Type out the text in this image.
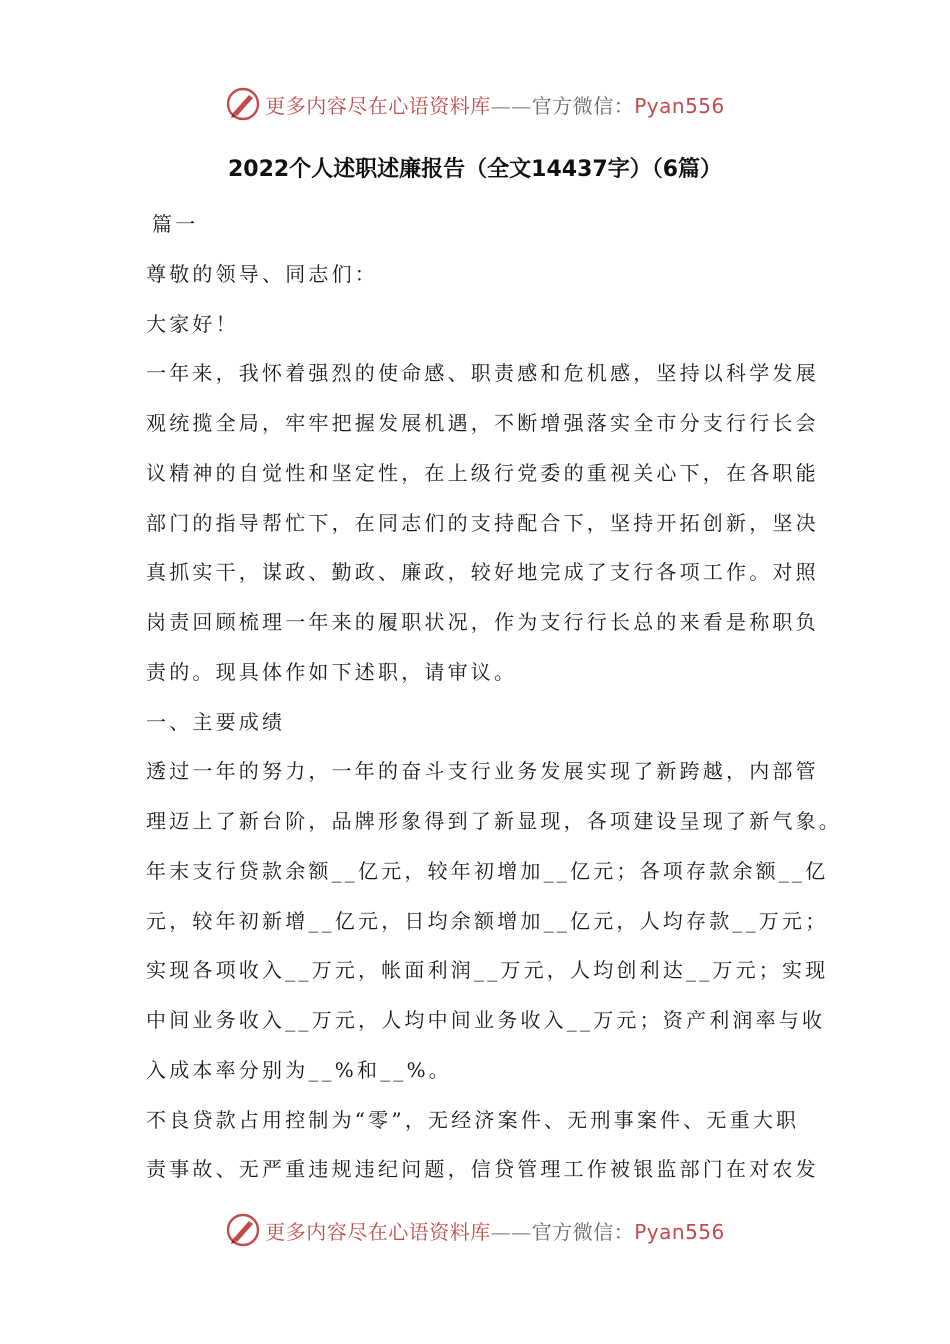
更多内容尽在心语资料库——官方微信：Pyan556
2022个人述职述廉报告（全文14437字）（6篇）
篇一
尊敬的领导、同志们：
大家好！
一年来，我怀着强烈的使命感、职责感和危机感，坚持以科学发展
观统揽全局，牢牢把握发展机遇，不断增强落实全市分支行行长会
议精神的自觉性和坚定性，在上级行党委的重视关心下，在各职能
部门的指导帮忙下，在同志们的支持配合下，坚持开拓创新，坚决
真抓实干，谋政、勤政、廉政，较好地完成了支行各项工作。对照
岗责回顾梳理一年来的履职状况，作为支行行长总的来看是称职负
责的。现具体作如下述职，请审议。
一、主要成绩
透过一年的努力，一年的奋斗支行业务发展实现了新跨越，内部管
理迈上了新台阶，品牌形象得到了新显现，各项建设呈现了新气象。
年末支行贷款余额__亿元，较年初增加__亿元；各项存款余额__亿
元，较年初新增__亿元，日均余额增加__亿元，人均存款__万元；
实现各项收入__万元，帐面利润__万元，人均创利达__万元；实现
中间业务收入__万元，人均中间业务收入__万元；资产利润率与收
入成本率分别为__%和__%。
不良贷款占用控制为“零”，无经济案件、无刑事案件、无重大职
责事故、无严重违规违纪问题，信贷管理工作被银监部门在对农发
更多内容尽在心语资料库——官方微信：Pyan556
